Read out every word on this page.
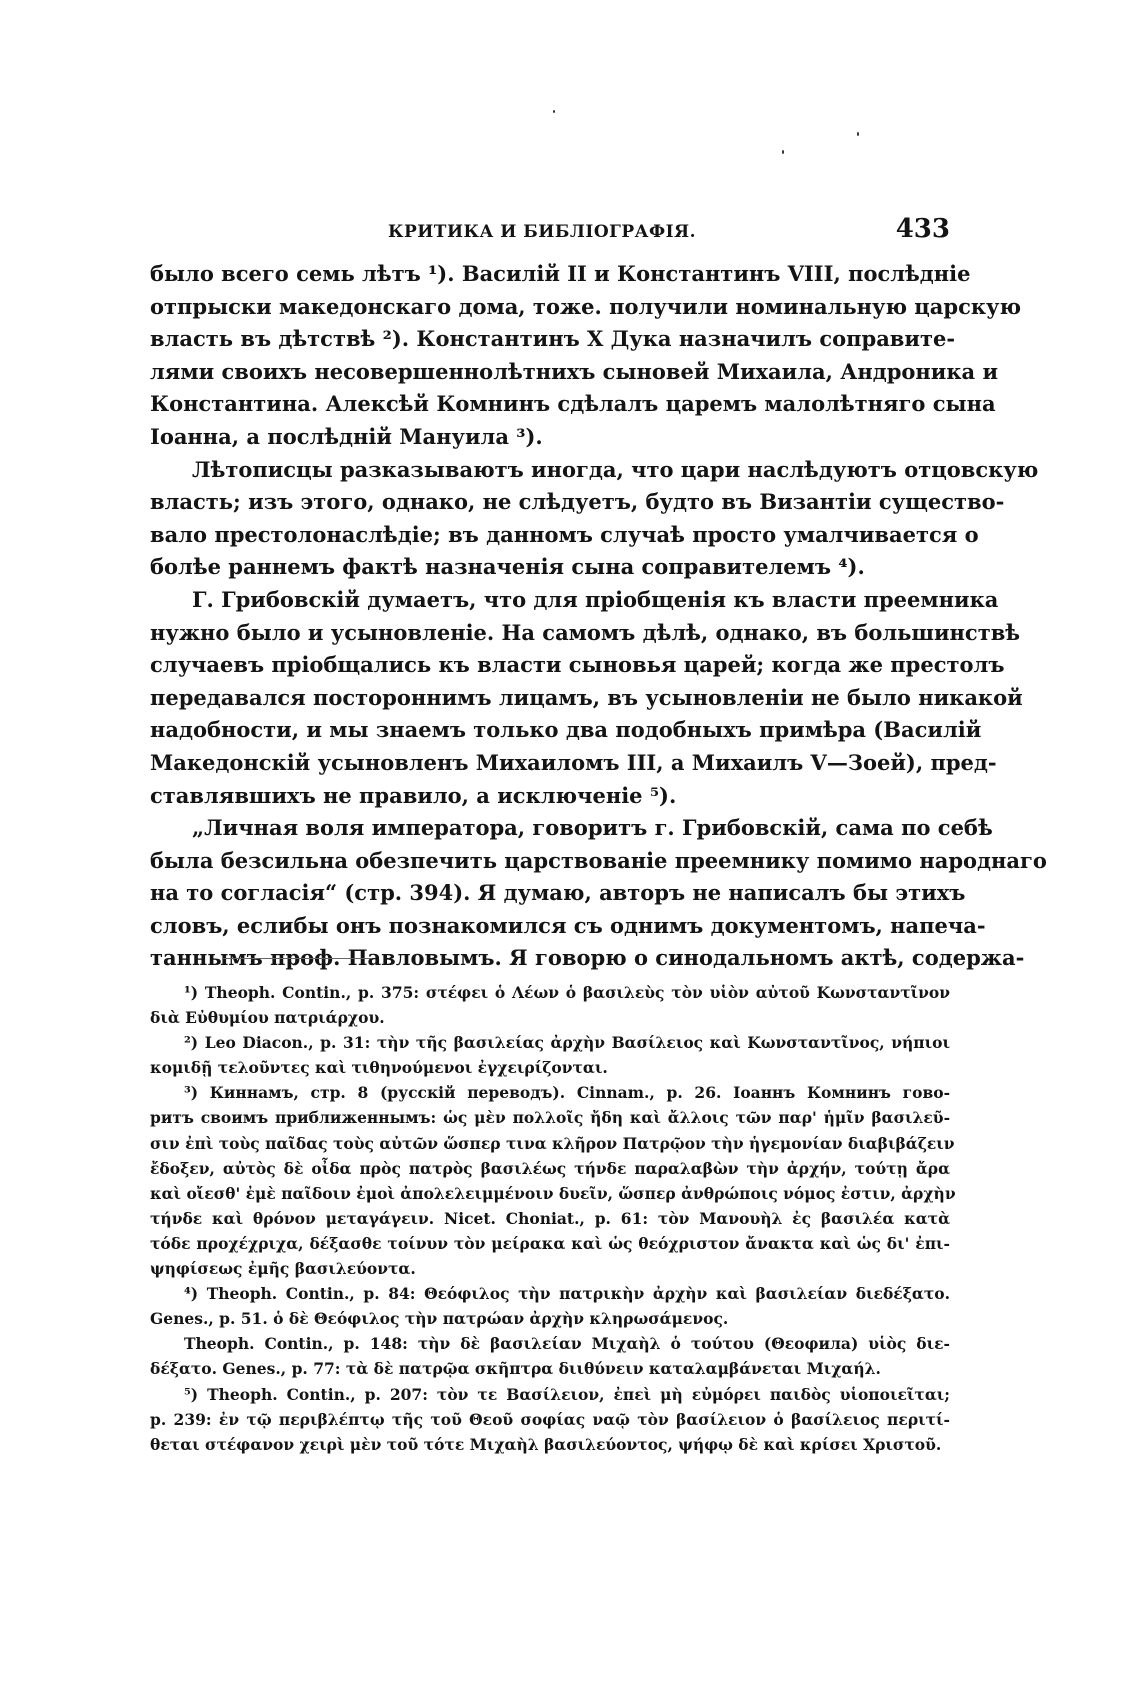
КРИТИКА И БИБЛІОГРАФІЯ.	433
было всего семь лѣтъ ¹). Василій II и Константинъ VIII, послѣдніе
отпрыски македонскаго дома, тоже. получили номинальную царскую
власть въ дѣтствѣ ²). Константинъ X Дука назначилъ соправите-
лями своихъ несовершеннолѣтнихъ сыновей Михаила, Андроника и
Константина. Алексѣй Комнинъ сдѣлалъ царемъ малолѣтняго сына
Іоанна, а послѣдній Мануила ³).
Лѣтописцы разказываютъ иногда, что цари наслѣдуютъ отцовскую
власть; изъ этого, однако, не слѣдуетъ, будто въ Византіи существо-
вало престолонаслѣдіе; въ данномъ случаѣ просто умалчивается о
болѣе раннемъ фактѣ назначенія сына соправителемъ ⁴).
Г. Грибовскій думаетъ, что для пріобщенія къ власти преемника
нужно было и усыновленіе. На самомъ дѣлѣ, однако, въ большинствѣ
случаевъ пріобщались къ власти сыновья царей; когда же престолъ
передавался постороннимъ лицамъ, въ усыновленіи не было никакой
надобности, и мы знаемъ только два подобныхъ примѣра (Василій
Македонскій усыновленъ Михаиломъ III, а Михаилъ V—Зоей), пред-
ставлявшихъ не правило, а исключеніе ⁵).
„Личная воля императора, говоритъ г. Грибовскій, сама по себѣ
была безсильна обезпечить царствованіе преемнику помимо народнаго
на то согласія“ (стр. 394). Я думаю, авторъ не написалъ бы этихъ
словъ, еслибы онъ познакомился съ однимъ документомъ, напеча-
таннымъ проф. Павловымъ. Я говорю о синодальномъ актѣ, содержа-
¹) Theoph. Contin., p. 375: στέφει ὁ Λέων ὁ βασιλεὺς τὸν υἱὸν αὐτοῦ Κωνσταντῖνον
διὰ Εὐθυμίου πατριάρχου.
²) Leo Diacon., p. 31: τὴν τῆς βασιλείας ἀρχὴν Βασίλειος καὶ Κωνσταντῖνος, νήπιοι
κομιδῇ τελοῦντες καὶ τιθηνούμενοι ἐγχειρίζονται.
³) Киннамъ, стр. 8 (русскій переводъ). Cinnam., p. 26. Іоаннъ Комнинъ гово-
ритъ своимъ приближеннымъ: ὡς μὲν πολλοῖς ἤδη καὶ ἄλλοις τῶν παρ' ἡμῖν βασιλεῦ-
σιν ἐπὶ τοὺς παῖδας τοὺς αὐτῶν ὥσπερ τινα κλῆρον Πατρῷον τὴν ἡγεμονίαν διαβιβάζειν
ἔδοξεν, αὐτὸς δὲ οἶδα πρὸς πατρὸς βασιλέως τήνδε παραλαβὼν τὴν ἀρχήν, τούτῃ ἄρα
καὶ οἴεσθ' ἐμὲ παῖδοιν ἐμοὶ ἀπολελειμμένοιν δυεῖν, ὥσπερ ἀνθρώποις νόμος ἐστιν, ἀρχὴν
τήνδε καὶ θρόνον μεταγάγειν. Nicet. Choniat., p. 61: τὸν Μανουὴλ ἐς βασιλέα κατὰ
τόδε προχέχριχα, δέξασθε τοίνυν τὸν μείρακα καὶ ὡς θεόχριστον ἄνακτα καὶ ὡς δι' ἐπι-
ψηφίσεως ἐμῆς βασιλεύοντα.
⁴) Theoph. Contin., p. 84: Θεόφιλος τὴν πατρικὴν ἀρχὴν καὶ βασιλείαν διεδέξατο.
Genes., p. 51. ὁ δὲ Θεόφιλος τὴν πατρώαν ἀρχὴν κληρωσάμενος.
Theoph. Contin., p. 148: τὴν δὲ βασιλείαν Μιχαὴλ ὁ τούτου (Θεοφила) υἱὸς διε-
δέξατο. Genes., p. 77: τὰ δὲ πατρῷα σκῆπτρα διιθύνειν καταλαμβάνεται Μιχαήλ.
⁵) Theoph. Contin., p. 207: τὸν τε Βασίλειον, ἐπεὶ μὴ εὐμόρει παιδὸς υἱοποιεῖται;
p. 239: ἐν τῷ περιβλέπτῳ τῆς τοῦ Θεοῦ σοφίας ναῷ τὸν βασίλειον ὁ βασίλειος περιτί-
θεται στέφανον χειρὶ μὲν τοῦ τότε Μιχαὴλ βασιλεύοντος, ψήφῳ δὲ καὶ κρίσει Χριστοῦ.
